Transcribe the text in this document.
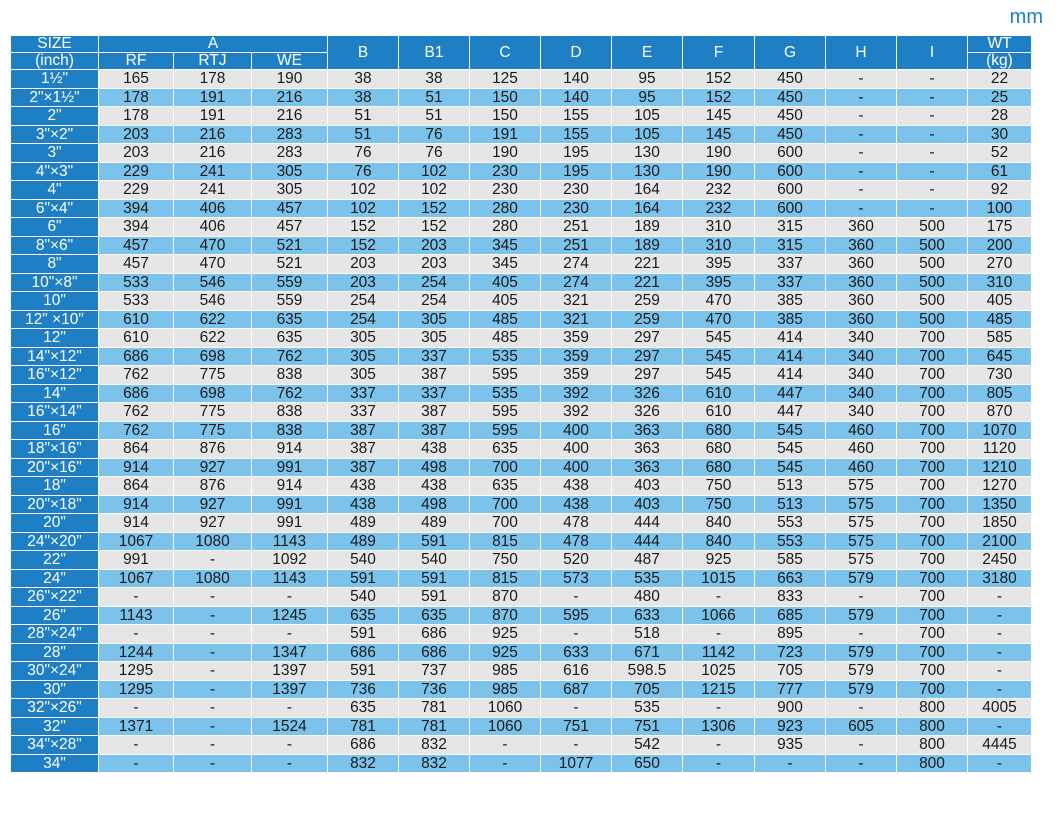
mm
SIZE	A			B	B1	C	D	E	F	G	H	I	WT
(inch)	RF	RTJ	WE										(kg)
1½"	165	178	190	38	38	125	140	95	152	450	-	-	22
2"×1½"	178	191	216	38	51	150	140	95	152	450	-	-	25
2"	178	191	216	51	51	150	155	105	145	450	-	-	28
3"×2"	203	216	283	51	76	191	155	105	145	450	-	-	30
3"	203	216	283	76	76	190	195	130	190	600	-	-	52
4"×3"	229	241	305	76	102	230	195	130	190	600	-	-	61
4"	229	241	305	102	102	230	230	164	232	600	-	-	92
6"×4"	394	406	457	102	152	280	230	164	232	600	-	-	100
6"	394	406	457	152	152	280	251	189	310	315	360	500	175
8"×6"	457	470	521	152	203	345	251	189	310	315	360	500	200
8"	457	470	521	203	203	345	274	221	395	337	360	500	270
10"×8"	533	546	559	203	254	405	274	221	395	337	360	500	310
10"	533	546	559	254	254	405	321	259	470	385	360	500	405
12" ×10"	610	622	635	254	305	485	321	259	470	385	360	500	485
12"	610	622	635	305	305	485	359	297	545	414	340	700	585
14"×12"	686	698	762	305	337	535	359	297	545	414	340	700	645
16"×12"	762	775	838	305	387	595	359	297	545	414	340	700	730
14"	686	698	762	337	337	535	392	326	610	447	340	700	805
16"×14"	762	775	838	337	387	595	392	326	610	447	340	700	870
16"	762	775	838	387	387	595	400	363	680	545	460	700	1070
18"×16"	864	876	914	387	438	635	400	363	680	545	460	700	1120
20"×16"	914	927	991	387	498	700	400	363	680	545	460	700	1210
18"	864	876	914	438	438	635	438	403	750	513	575	700	1270
20"×18"	914	927	991	438	498	700	438	403	750	513	575	700	1350
20"	914	927	991	489	489	700	478	444	840	553	575	700	1850
24"×20"	1067	1080	1143	489	591	815	478	444	840	553	575	700	2100
22"	991	-	1092	540	540	750	520	487	925	585	575	700	2450
24"	1067	1080	1143	591	591	815	573	535	1015	663	579	700	3180
26"×22"	-	-	-	540	591	870	-	480	-	833	-	700	-
26"	1143	-	1245	635	635	870	595	633	1066	685	579	700	-
28"×24"	-	-	-	591	686	925	-	518	-	895	-	700	-
28"	1244	-	1347	686	686	925	633	671	1142	723	579	700	-
30"×24"	1295	-	1397	591	737	985	616	598.5	1025	705	579	700	-
30"	1295	-	1397	736	736	985	687	705	1215	777	579	700	-
32"×26"	-	-	-	635	781	1060	-	535	-	900	-	800	4005
32"	1371	-	1524	781	781	1060	751	751	1306	923	605	800	-
34"×28"	-	-	-	686	832	-	-	542	-	935	-	800	4445
34"	-	-	-	832	832	-	1077	650	-	-	-	800	-
